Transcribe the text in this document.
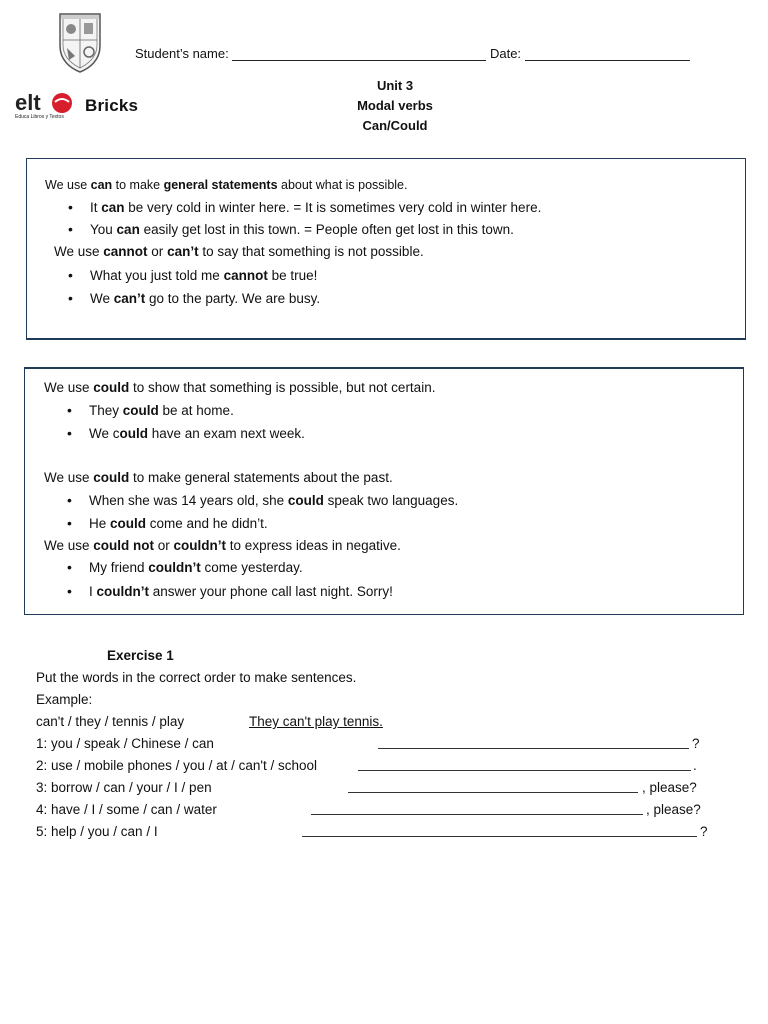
Student’s name:	Date:
elt
Educa Libros y Textos
Bricks
Unit 3
Modal verbs
Can/Could
We use can to make general statements about what is possible.
• It can be very cold in winter here. = It is sometimes very cold in winter here.
• You can easily get lost in this town. = People often get lost in this town.
We use cannot or can’t to say that something is not possible.
• What you just told me cannot be true!
• We can’t go to the party. We are busy.
We use could to show that something is possible, but not certain.
• They could be at home.
• We could have an exam next week.
We use could to make general statements about the past.
• When she was 14 years old, she could speak two languages.
• He could come and he didn’t.
We use could not or couldn’t to express ideas in negative.
• My friend couldn’t come yesterday.
• I couldn’t answer your phone call last night. Sorry!
Exercise 1
Put the words in the correct order to make sentences.
Example:
can't / they / tennis / play	They can't play tennis.
1: you / speak / Chinese / can	?
2: use / mobile phones / you / at / can't / school	.
3: borrow / can / your / I / pen	, please?
4: have / I / some / can / water	, please?
5: help / you / can / I	?
